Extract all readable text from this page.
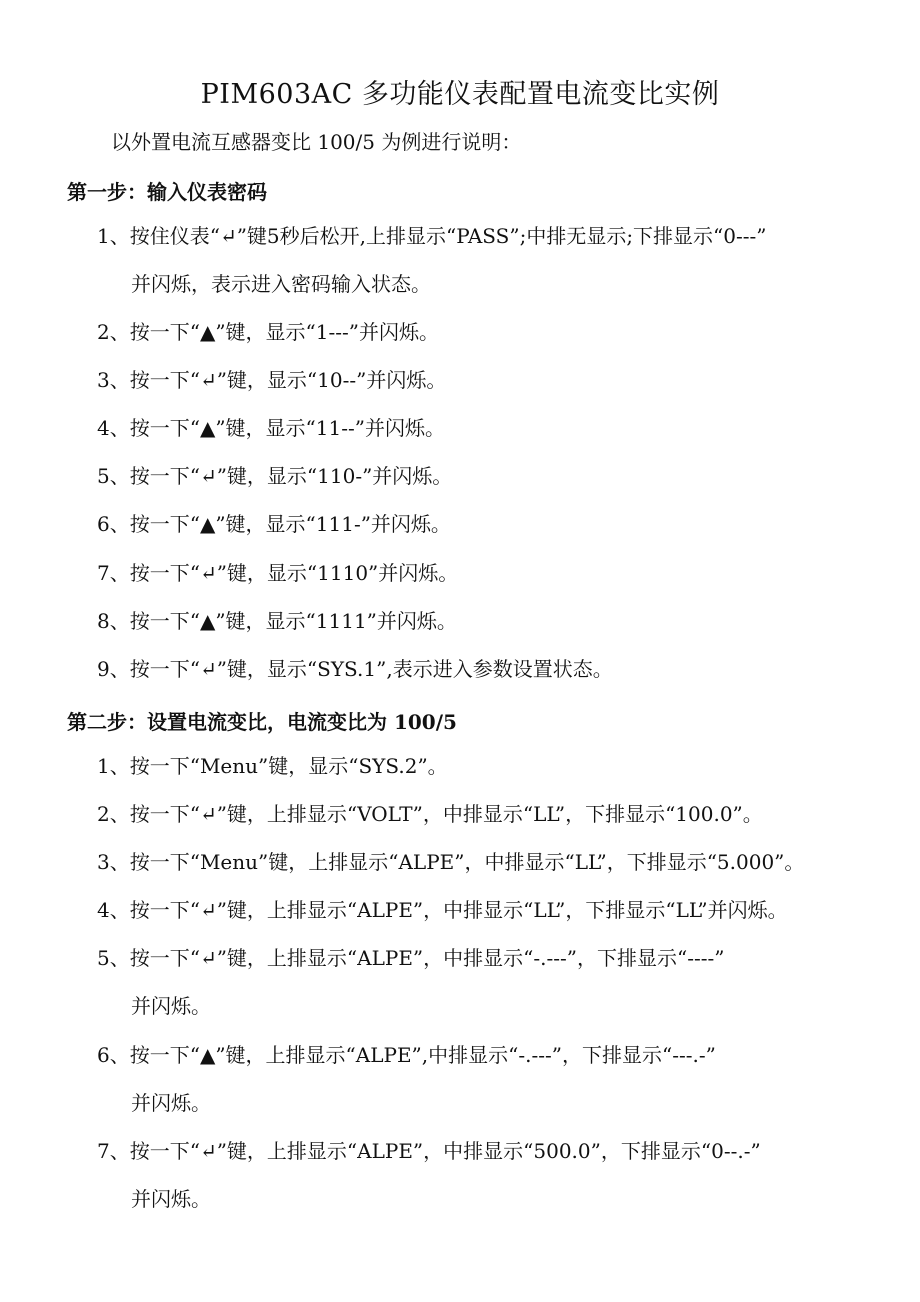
PIM603AC 多功能仪表配置电流变比实例
以外置电流互感器变比 100/5 为例进行说明：
第一步：输入仪表密码
1、按住仪表“↵”键5秒后松开,上排显示“PASS”;中排无显示;下排显示“0---”
并闪烁，表示进入密码输入状态。
2、按一下“▲”键，显示“1---”并闪烁。
3、按一下“↵”键，显示“10--”并闪烁。
4、按一下“▲”键，显示“11--”并闪烁。
5、按一下“↵”键，显示“110-”并闪烁。
6、按一下“▲”键，显示“111-”并闪烁。
7、按一下“↵”键，显示“1110”并闪烁。
8、按一下“▲”键，显示“1111”并闪烁。
9、按一下“↵”键，显示“SYS.1”,表示进入参数设置状态。
第二步：设置电流变比，电流变比为 100/5
1、按一下“Menu”键，显示“SYS.2”。
2、按一下“↵”键，上排显示“VOLT”，中排显示“LL”，下排显示“100.0”。
3、按一下“Menu”键，上排显示“ALPE”，中排显示“LL”，下排显示“5.000”。
4、按一下“↵”键，上排显示“ALPE”，中排显示“LL”，下排显示“LL”并闪烁。
5、按一下“↵”键，上排显示“ALPE”，中排显示“-.---”，下排显示“----”
并闪烁。
6、按一下“▲”键，上排显示“ALPE”,中排显示“-.---”，下排显示“---.-”
并闪烁。
7、按一下“↵”键，上排显示“ALPE”，中排显示“500.0”，下排显示“0--.-”
并闪烁。
